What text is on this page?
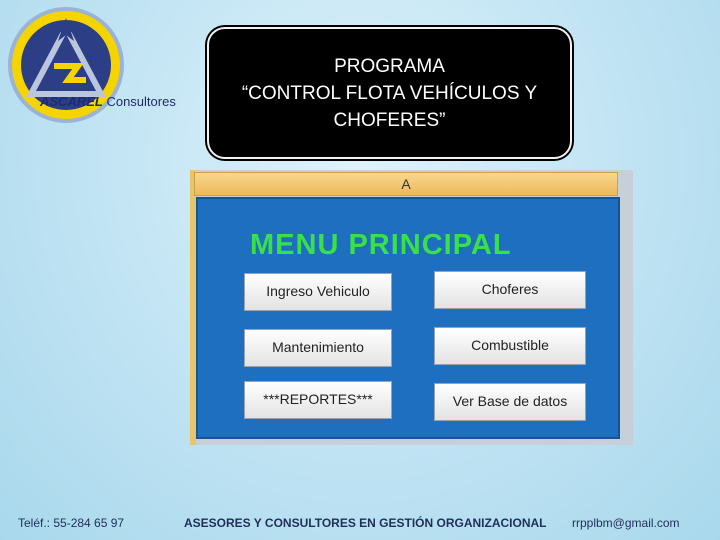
ASCAREL Consultores
PROGRAMA
“CONTROL FLOTA VEHÍCULOS Y
CHOFERES”
A
MENU PRINCIPAL
Ingreso Vehiculo	Choferes
Mantenimiento	Combustible
***REPORTES***	Ver Base de datos
Teléf.: 55-284 65 97	ASESORES Y CONSULTORES EN GESTIÓN ORGANIZACIONAL rrpplbm@gmail.com
